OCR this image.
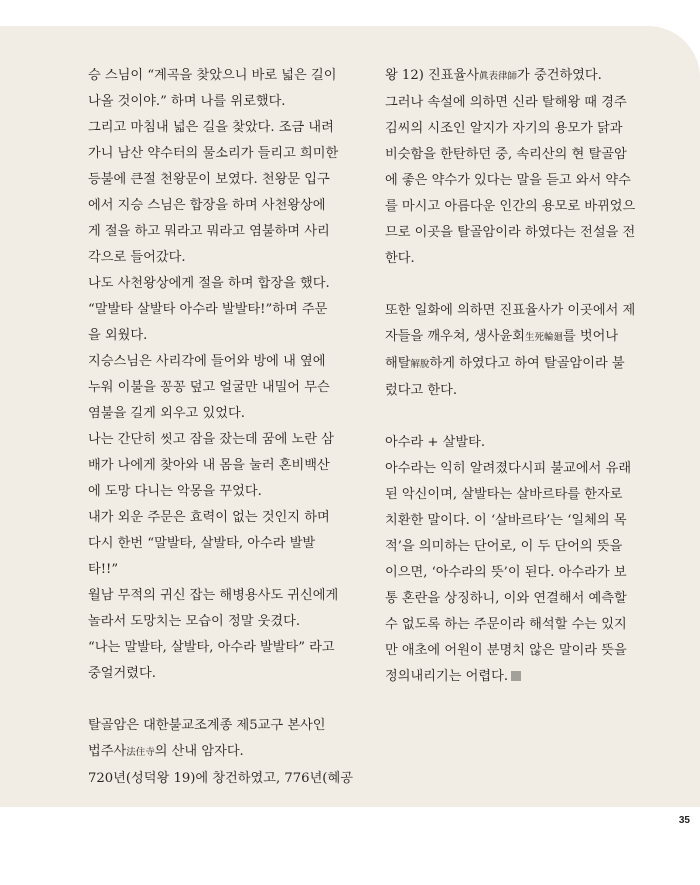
승 스님이 “계곡을 찾았으니 바로 넓은 길이

나올 것이야.” 하며 나를 위로했다.

그리고 마침내 넓은 길을 찾았다. 조금 내려

가니 남산 약수터의 물소리가 들리고 희미한

등불에 큰절 천왕문이 보였다. 천왕문 입구

에서 지승 스님은 합장을 하며 사천왕상에

게 절을 하고 뭐라고 뭐라고 염불하며 사리

각으로 들어갔다.

나도 사천왕상에게 절을 하며 합장을 했다.

“말발타 살발타 아수라 발발타!”하며 주문

을 외웠다.

지승스님은 사리각에 들어와 방에 내 옆에

누워 이불을 꽁꽁 덮고 얼굴만 내밀어 무슨

염불을 길게 외우고 있었다.

나는 간단히 씻고 잠을 잤는데 꿈에 노란 삼

배가 나에게 찾아와 내 몸을 눌러 혼비백산

에 도망 다니는 악몽을 꾸었다.

내가 외운 주문은 효력이 없는 것인지 하며

다시 한번 “말발타, 살발타, 아수라 발발

타!!”

월남 무적의 귀신 잡는 해병용사도 귀신에게

놀라서 도망치는 모습이 정말 웃겼다.

“나는 말발타, 살발타, 아수라 발발타” 라고

중얼거렸다.

탈골암은 대한불교조계종 제5교구 본사인

법주사法住寺의 산내 암자다.

720년(성덕왕 19)에 창건하였고, 776년(혜공

왕 12) 진표율사眞表律師가 중건하였다.

그러나 속설에 의하면 신라 탈해왕 때 경주

김씨의 시조인 알지가 자기의 용모가 닭과

비슷함을 한탄하던 중, 속리산의 현 탈골암

에 좋은 약수가 있다는 말을 듣고 와서 약수

를 마시고 아름다운 인간의 용모로 바뀌었으

므로 이곳을 탈골암이라 하였다는 전설을 전

한다.

또한 일화에 의하면 진표율사가 이곳에서 제

자들을 깨우쳐, 생사윤회生死輪廻를 벗어나

해탈解脫하게 하였다고 하여 탈골암이라 불

렀다고 한다.

아수라 + 살발타.

아수라는 익히 알려졌다시피 불교에서 유래

된 악신이며, 살발타는 살바르타를 한자로

치환한 말이다. 이 ‘살바르타’는 ‘일체의 목

적’을 의미하는 단어로, 이 두 단어의 뜻을

이으면, ‘아수라의 뜻’이 된다. 아수라가 보

통 혼란을 상징하니, 이와 연결해서 예측할

수 없도록 하는 주문이라 해석할 수는 있지

만 애초에 어원이 분명치 않은 말이라 뜻을

정의내리기는 어렵다.

35
